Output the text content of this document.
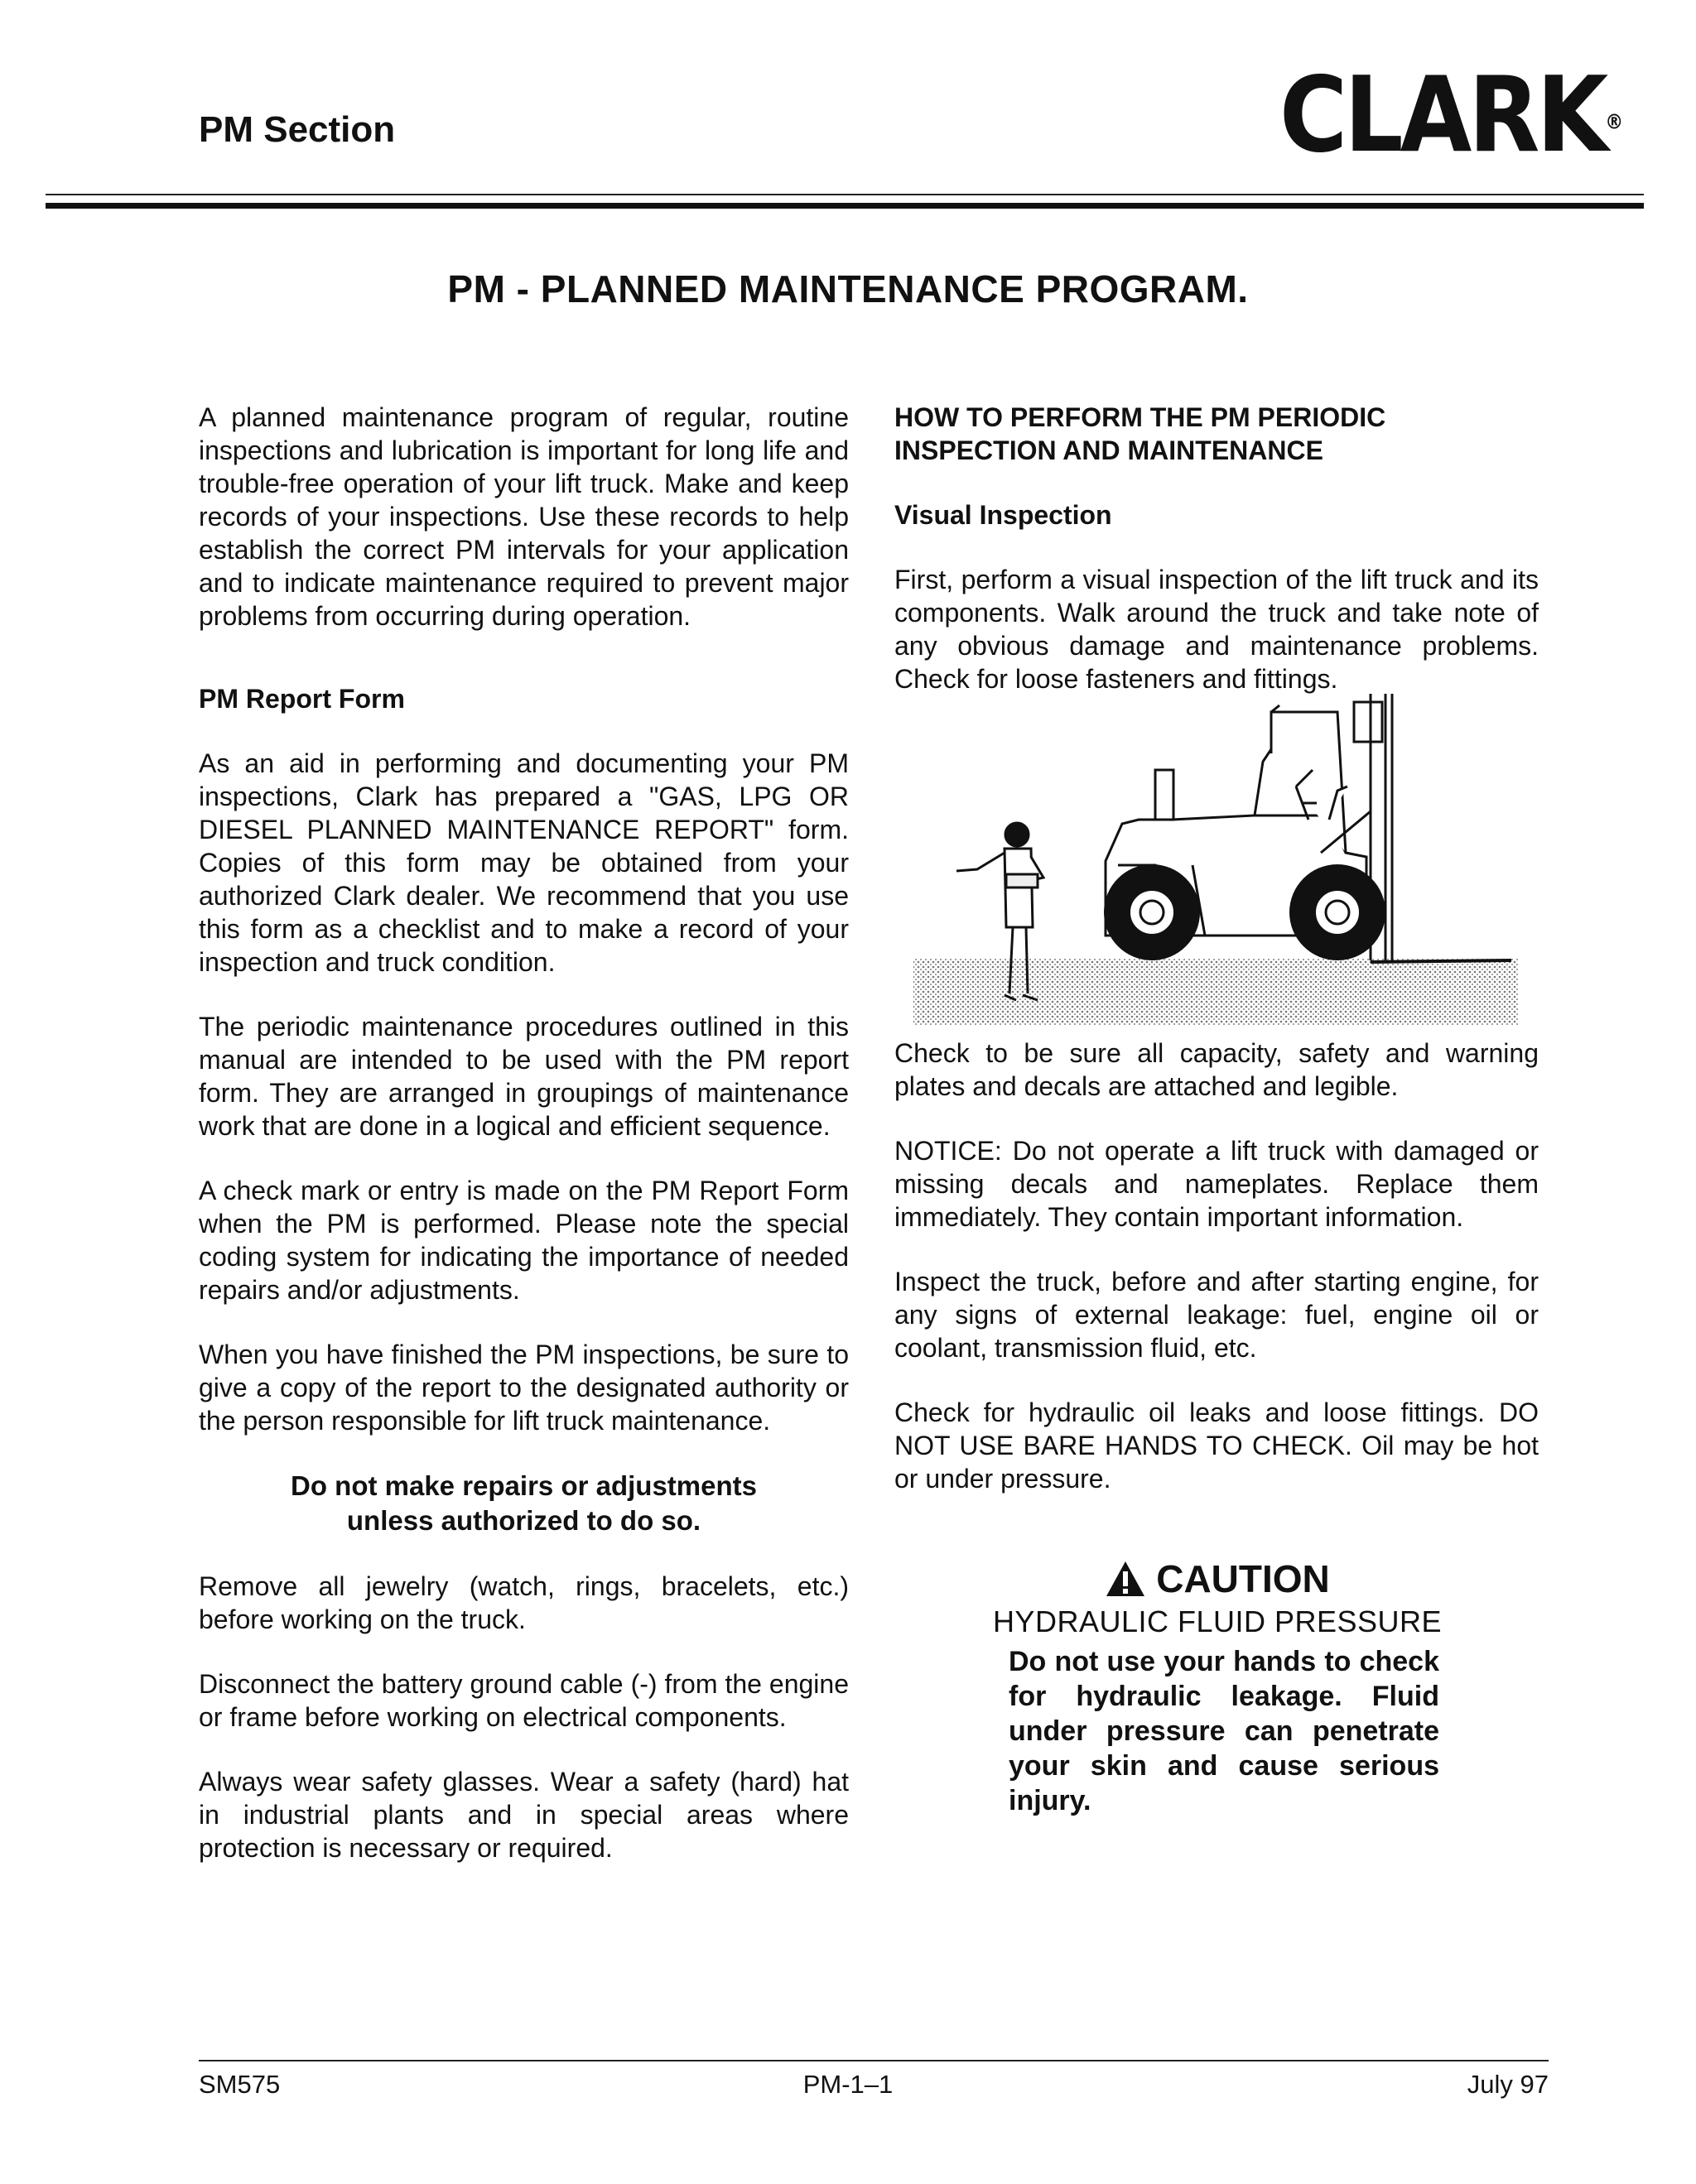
PM Section	CLARK®
PM - PLANNED MAINTENANCE PROGRAM.

A planned maintenance program of regular, routine inspections and lubrication is important for long life and trouble-free operation of your lift truck. Make and keep records of your inspections. Use these records to help establish the correct PM intervals for your application and to indicate maintenance required to prevent major problems from occurring during operation.

PM Report Form

As an aid in performing and documenting your PM inspections, Clark has prepared a "GAS, LPG OR DIESEL PLANNED MAINTENANCE REPORT" form. Copies of this form may be obtained from your authorized Clark dealer. We recommend that you use this form as a checklist and to make a record of your inspection and truck condition.

The periodic maintenance procedures outlined in this manual are intended to be used with the PM report form. They are arranged in groupings of maintenance work that are done in a logical and efficient sequence.

A check mark or entry is made on the PM Report Form when the PM is performed. Please note the special coding system for indicating the importance of needed repairs and/or adjustments.

When you have finished the PM inspections, be sure to give a copy of the report to the designated authority or the person responsible for lift truck maintenance.

Do not make repairs or adjustments
unless authorized to do so.

Remove all jewelry (watch, rings, bracelets, etc.) before working on the truck.

Disconnect the battery ground cable (-) from the engine or frame before working on electrical components.

Always wear safety glasses. Wear a safety (hard) hat in industrial plants and in special areas where protection is necessary or required.

HOW TO PERFORM THE PM PERIODIC INSPECTION AND MAINTENANCE

Visual Inspection

First, perform a visual inspection of the lift truck and its components. Walk around the truck and take note of any obvious damage and maintenance problems. Check for loose fasteners and fittings.

Check to be sure all capacity, safety and warning plates and decals are attached and legible.

NOTICE: Do not operate a lift truck with damaged or missing decals and nameplates. Replace them immediately. They contain important information.

Inspect the truck, before and after starting engine, for any signs of external leakage: fuel, engine oil or coolant, transmission fluid, etc.

Check for hydraulic oil leaks and loose fittings. DO NOT USE BARE HANDS TO CHECK. Oil may be hot or under pressure.

CAUTION
HYDRAULIC FLUID PRESSURE
Do not use your hands to check for hydraulic leakage. Fluid under pressure can penetrate your skin and cause serious injury.
SM575	PM-1–1	July 97
